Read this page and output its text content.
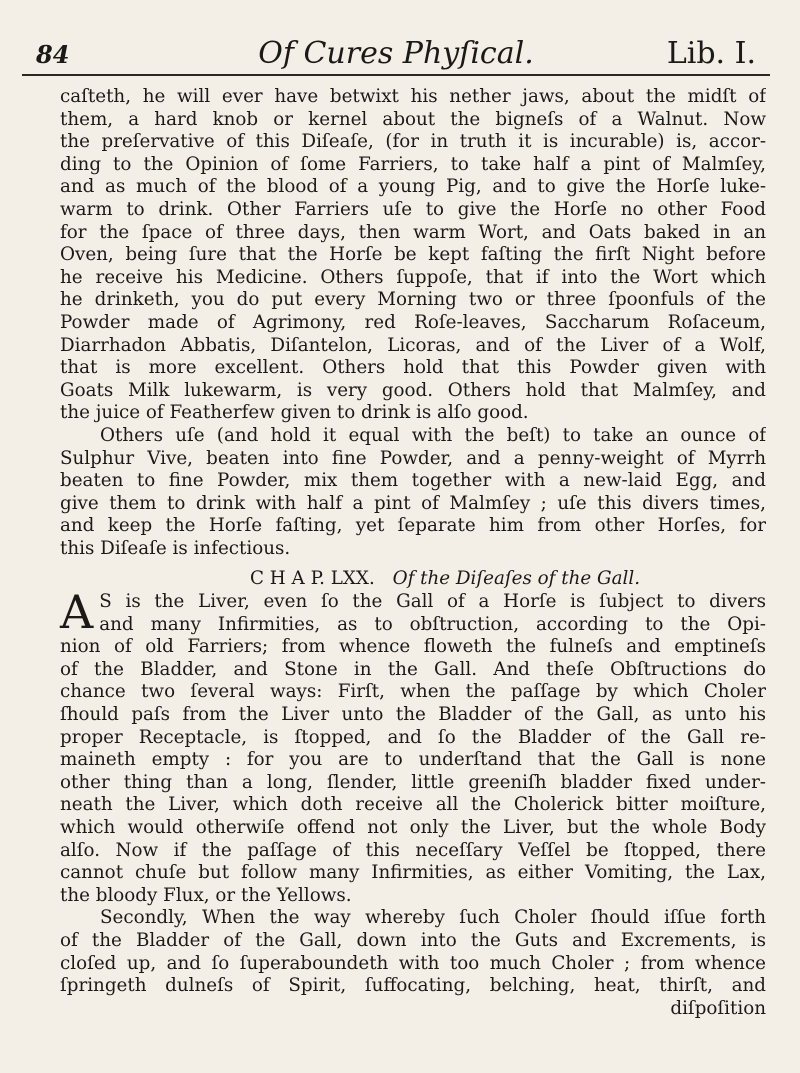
84	Of Cures Phyſical.	Lib. I.
caſteth, he will ever have betwixt his nether jaws, about the midſt of
them, a hard knob or kernel about the bigneſs of a Walnut. Now
the preſervative of this Diſeaſe, (for in truth it is incurable) is, accor-
ding to the Opinion of ſome Farriers, to take half a pint of Malmſey,
and as much of the blood of a young Pig, and to give the Horſe luke-
warm to drink. Other Farriers uſe to give the Horſe no other Food
for the ſpace of three days, then warm Wort, and Oats baked in an
Oven, being ſure that the Horſe be kept faſting the firſt Night before
he receive his Medicine. Others ſuppoſe, that if into the Wort which
he drinketh, you do put every Morning two or three ſpoonfuls of the
Powder made of Agrimony, red Roſe-leaves, Saccharum Roſaceum,
Diarrhadon Abbatis, Diſantelon, Licoras, and of the Liver of a Wolf,
that is more excellent. Others hold that this Powder given with
Goats Milk lukewarm, is very good. Others hold that Malmſey, and
the juice of Featherfew given to drink is alſo good.
Others uſe (and hold it equal with the beſt) to take an ounce of
Sulphur Vive, beaten into fine Powder, and a penny-weight of Myrrh
beaten to fine Powder, mix them together with a new-laid Egg, and
give them to drink with half a pint of Malmſey ; uſe this divers times,
and keep the Horſe faſting, yet ſeparate him from other Horſes, for
this Diſeaſe is infectious.
C H A P. LXX. Of the Diſeaſes of the Gall.
A S is the Liver, even ſo the Gall of a Horſe is ſubject to divers
and many Infirmities, as to obſtruction, according to the Opi-
nion of old Farriers; from whence floweth the fulneſs and emptineſs
of the Bladder, and Stone in the Gall. And theſe Obſtructions do
chance two ſeveral ways: Firſt, when the paſſage by which Choler
ſhould paſs from the Liver unto the Bladder of the Gall, as unto his
proper Receptacle, is ſtopped, and ſo the Bladder of the Gall re-
maineth empty : for you are to underſtand that the Gall is none
other thing than a long, ſlender, little greeniſh bladder fixed under-
neath the Liver, which doth receive all the Cholerick bitter moiſture,
which would otherwiſe offend not only the Liver, but the whole Body
alſo. Now if the paſſage of this neceſſary Veſſel be ſtopped, there
cannot chuſe but follow many Infirmities, as either Vomiting, the Lax,
the bloody Flux, or the Yellows.
Secondly, When the way whereby ſuch Choler ſhould iſſue forth
of the Bladder of the Gall, down into the Guts and Excrements, is
cloſed up, and ſo ſuperaboundeth with too much Choler ; from whence
ſpringeth dulneſs of Spirit, ſuffocating, belching, heat, thirſt, and
diſpoſition
